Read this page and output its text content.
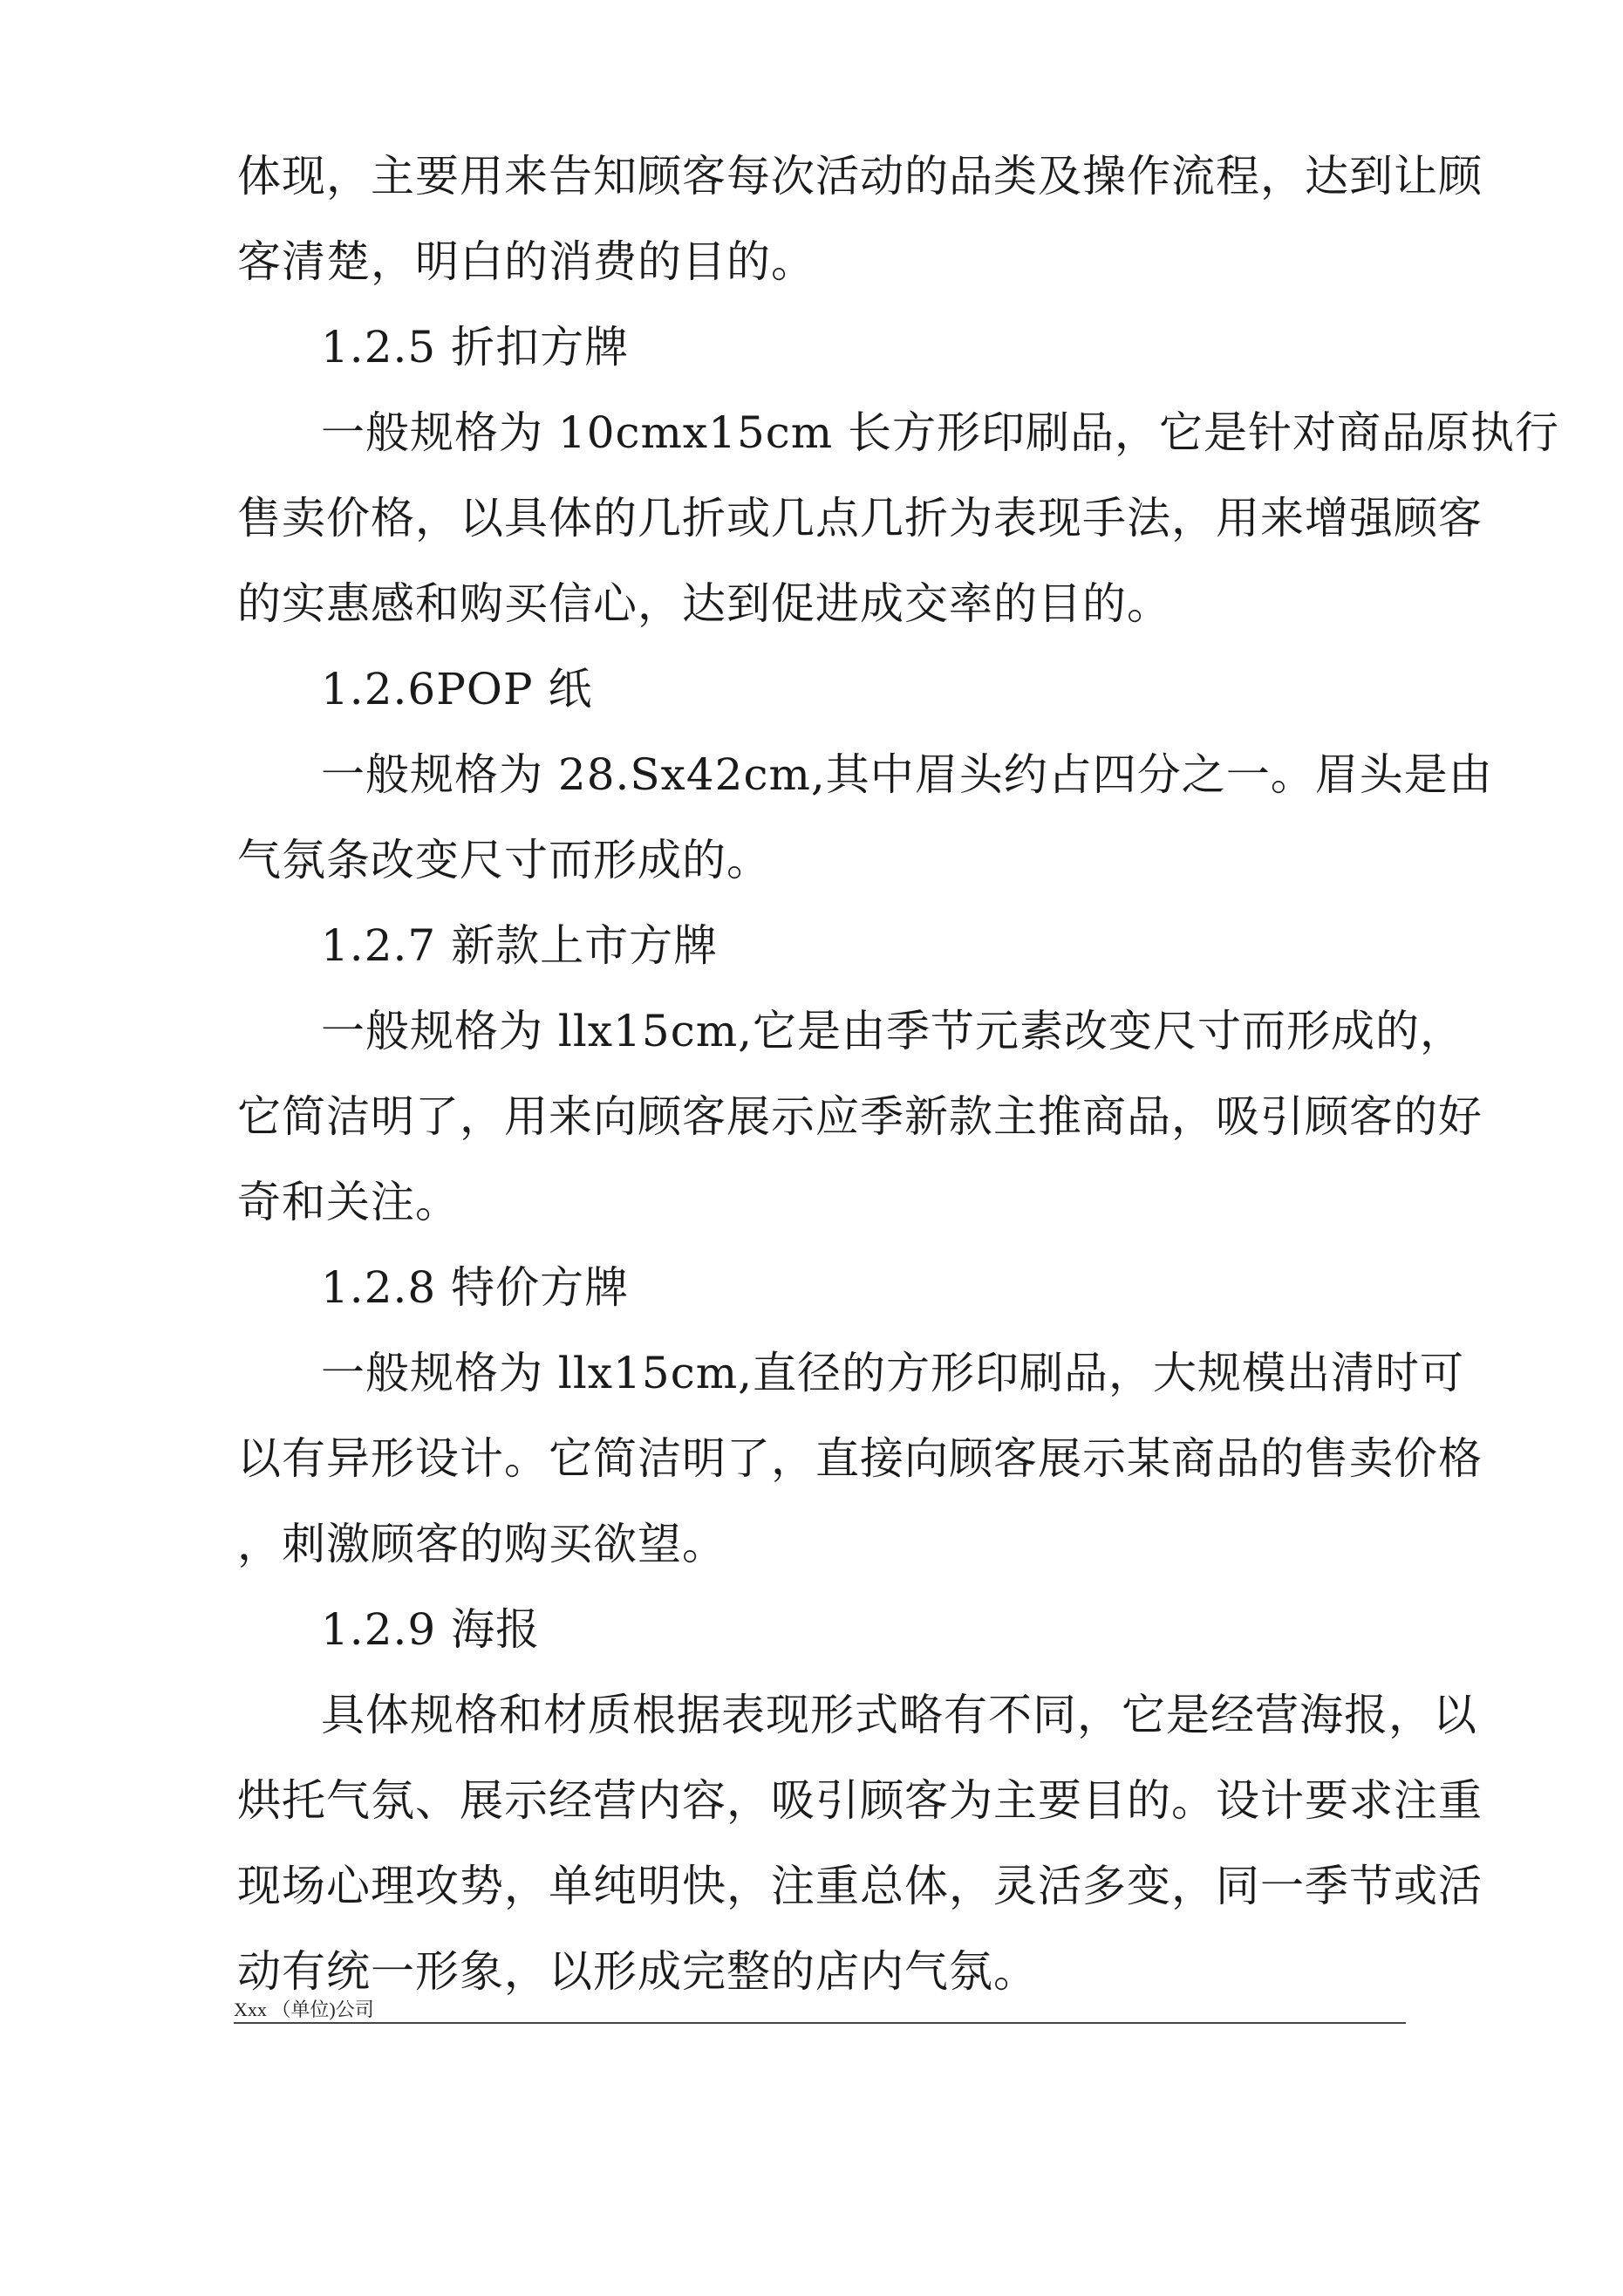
体现，主要用来告知顾客每次活动的品类及操作流程，达到让顾
客清楚，明白的消费的目的。
1.2.5 折扣方牌
一般规格为 10cmx15cm 长方形印刷品，它是针对商品原执行
售卖价格，以具体的几折或几点几折为表现手法，用来增强顾客
的实惠感和购买信心，达到促进成交率的目的。
1.2.6POP 纸
一般规格为 28.Sx42cm,其中眉头约占四分之一。眉头是由
气氛条改变尺寸而形成的。
1.2.7 新款上市方牌
一般规格为 llx15cm,它是由季节元素改变尺寸而形成的，
它简洁明了，用来向顾客展示应季新款主推商品，吸引顾客的好
奇和关注。
1.2.8 特价方牌
一般规格为 llx15cm,直径的方形印刷品，大规模出清时可
以有异形设计。它简洁明了，直接向顾客展示某商品的售卖价格
，刺激顾客的购买欲望。
1.2.9 海报
具体规格和材质根据表现形式略有不同，它是经营海报，以
烘托气氛、展示经营内容，吸引顾客为主要目的。设计要求注重
现场心理攻势，单纯明快，注重总体，灵活多变，同一季节或活
动有统一形象，以形成完整的店内气氛。
Xxx （单位)公司
